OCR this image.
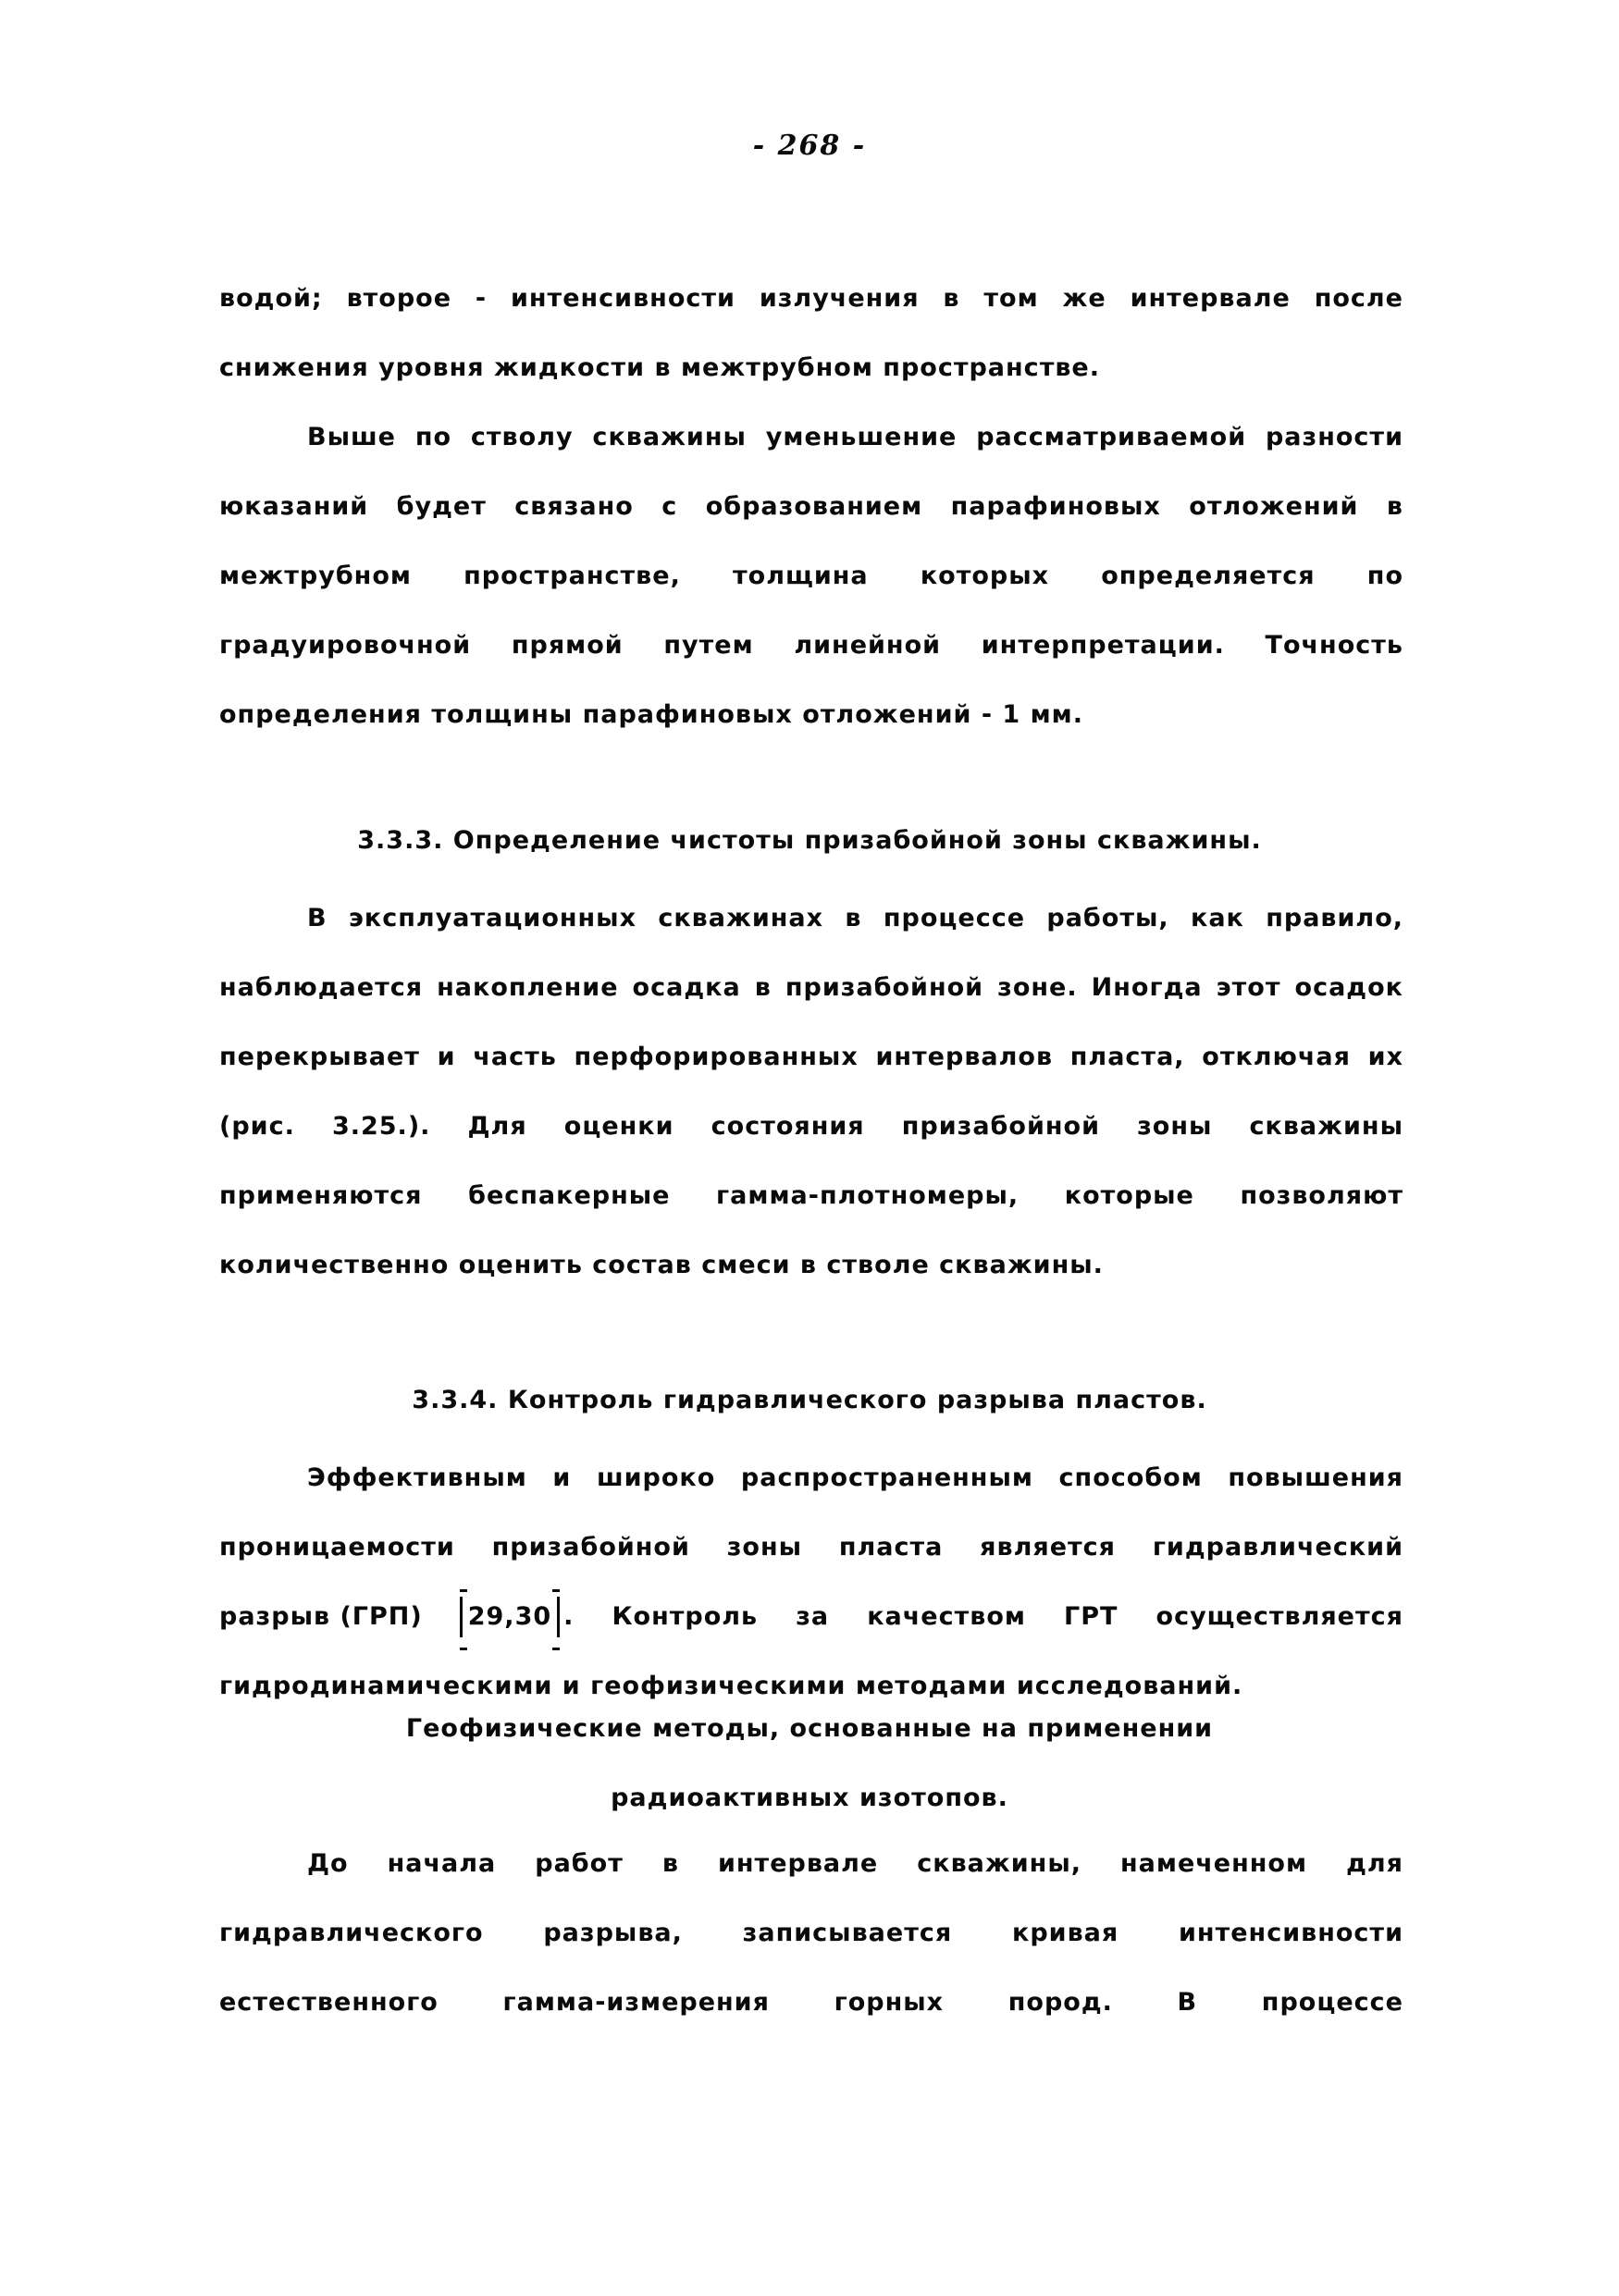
- 268 -

водой; второе - интенсивности излучения в том же интервале после

снижения уровня жидкости в межтрубном пространстве.

Выше по стволу скважины уменьшение рассматриваемой разности юказаний будет связано с образованием парафиновых отложений в межтрубном пространстве, толщина которых определяется по градуировочной прямой путем линейной интерпретации. Точность определения толщины парафиновых отложений - 1 мм.

3.3.3. Определение чистоты призабойной зоны скважины.

В эксплуатационных скважинах в процессе работы, как правило, наблюдается накопление осадка в призабойной зоне. Иногда этот осадок перекрывает и часть перфорированных интервалов пласта, отключая их (рис. 3.25.). Для оценки состояния призабойной зоны скважины применяются беспакерные гамма-плотномеры, которые позволяют количественно оценить состав смеси в стволе скважины.

3.3.4. Контроль гидравлического разрыва пластов.

Эффективным и широко распространенным способом повышения

проницаемости призабойной зоны пласта является гидравлический

разрыв (ГРП)	29,30 . Контроль за качеством ГРТ осуществляется

гидродинамическими и геофизическими методами исследований.

Геофизические методы, основанные на применении
радиоактивных изотопов.

До начала работ в интервале скважины, намеченном для гидравлического разрыва, записывается кривая интенсивности естественного гамма-измерения горных пород. В процессе
